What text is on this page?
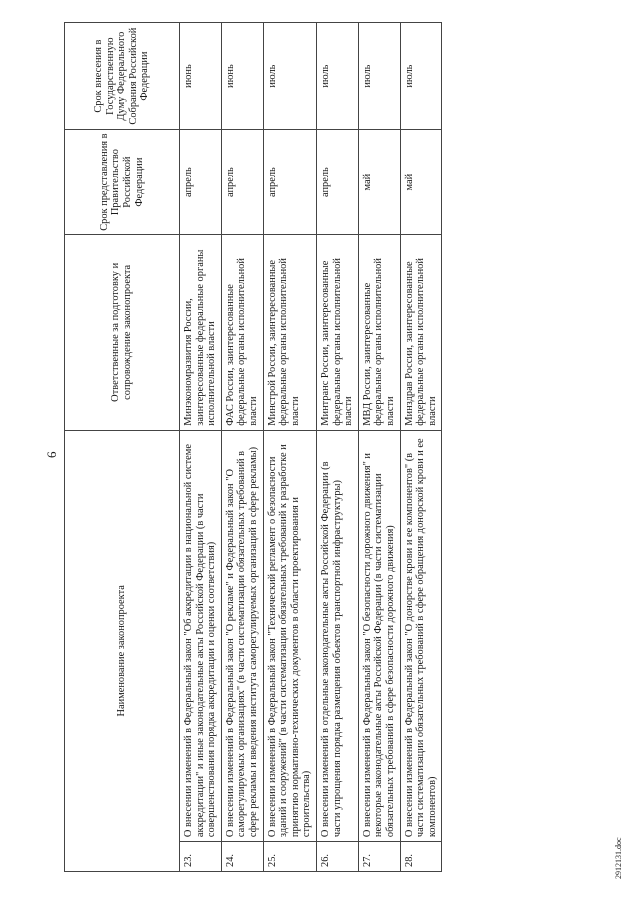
6
Наименование законопроекта		Ответственные за подготовку и сопровождение законопроекта	Срок представления в Правительство Российской Федерации	Срок внесения в Государственную Думу Федерального Собрания Российской Федерации
23.	О внесении изменений в Федеральный закон "Об аккредитации в национальной системе аккредитации" и иные законодательные акты Российской Федерации (в части совершенствования порядка аккредитации и оценки соответствия)	Минэкономразвития России, заинтересованные федеральные органы исполнительной власти	апрель	июнь
24.	О внесении изменений в Федеральный закон "О рекламе" и Федеральный закон "О саморегулируемых организациях" (в части систематизации обязательных требований в сфере рекламы и введения института саморегулируемых организаций в сфере рекламы)	ФАС России, заинтересованные федеральные органы исполнительной власти	апрель	июнь
25.	О внесении изменений в Федеральный закон "Технический регламент о безопасности зданий и сооружений" (в части систематизации обязательных требований к разработке и принятию нормативно-технических документов в области проектирования и строительства)	Минстрой России, заинтересованные федеральные органы исполнительной власти	апрель	июль
26.	О внесении изменений в отдельные законодательные акты Российской Федерации (в части упрощения порядка размещения объектов транспортной инфраструктуры)	Минтранс России, заинтересованные федеральные органы исполнительной власти	апрель	июль
27.	О внесении изменений в Федеральный закон "О безопасности дорожного движения" и некоторые законодательные акты Российской Федерации (в части систематизации обязательных требований в сфере безопасности дорожного движения)	МВД России, заинтересованные федеральные органы исполнительной власти	май	июль
28.	О внесении изменений в Федеральный закон "О донорстве крови и ее компонентов" (в части систематизации обязательных требований в сфере обращения донорской крови и ее компонентов)	Минздрав России, заинтересованные федеральные органы исполнительной власти	май	июль
2912131.doc
